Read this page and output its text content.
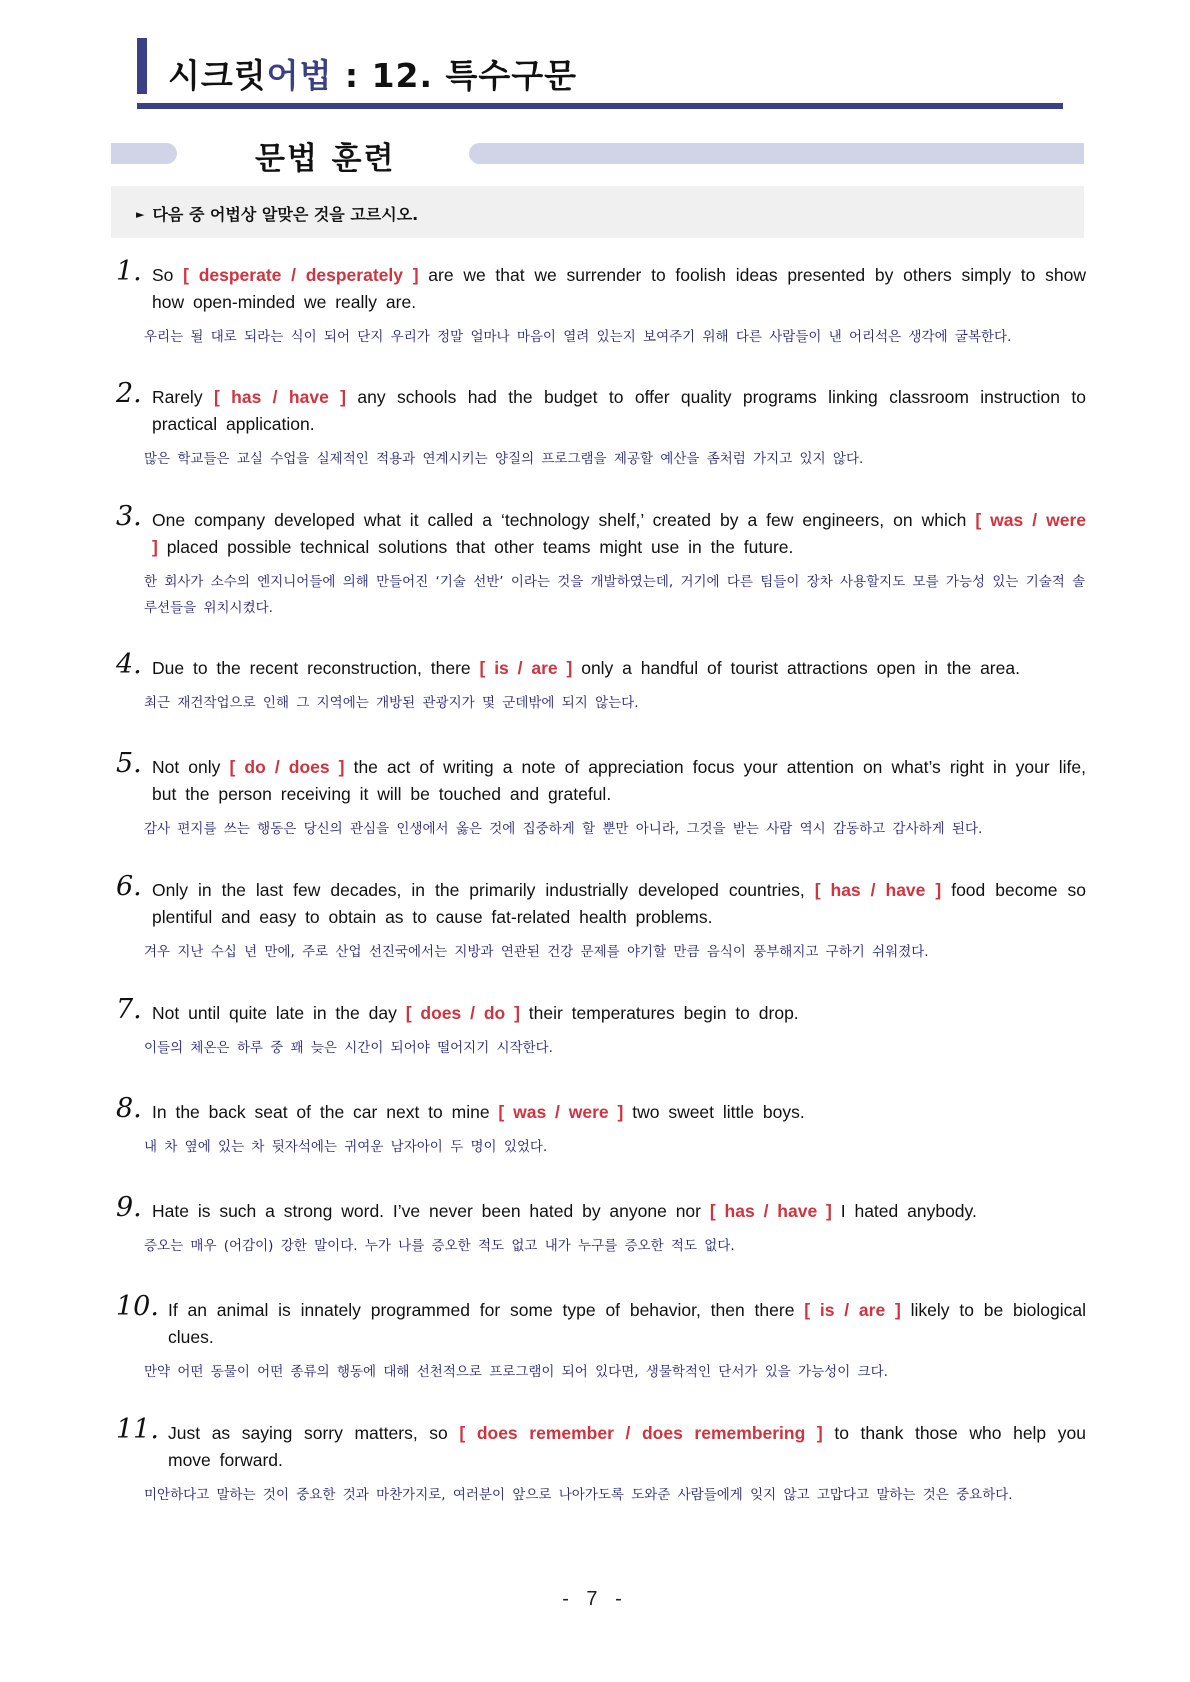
시크릿어법 : 12. 특수구문
문법 훈련
► 다음 중 어법상 알맞은 것을 고르시오.
1. So [ desperate / desperately ] are we that we surrender to foolish ideas presented by others simply to show how open-minded we really are.
우리는 될 대로 되라는 식이 되어 단지 우리가 정말 얼마나 마음이 열려 있는지 보여주기 위해 다른 사람들이 낸 어리석은 생각에 굴복한다.
2. Rarely [ has / have ] any schools had the budget to offer quality programs linking classroom instruction to practical application.
많은 학교들은 교실 수업을 실제적인 적용과 연계시키는 양질의 프로그램을 제공할 예산을 좀처럼 가지고 있지 않다.
3. One company developed what it called a ‘technology shelf,’ created by a few engineers, on which [ was / were ] placed possible technical solutions that other teams might use in the future.
한 회사가 소수의 엔지니어들에 의해 만들어진 ‘기술 선반’ 이라는 것을 개발하였는데, 거기에 다른 팀들이 장차 사용할지도 모를 가능성 있는 기술적 솔루션들을 위치시켰다.
4. Due to the recent reconstruction, there [ is / are ] only a handful of tourist attractions open in the area.
최근 재건작업으로 인해 그 지역에는 개방된 관광지가 몇 군데밖에 되지 않는다.
5. Not only [ do / does ] the act of writing a note of appreciation focus your attention on what’s right in your life, but the person receiving it will be touched and grateful.
감사 편지를 쓰는 행동은 당신의 관심을 인생에서 옳은 것에 집중하게 할 뿐만 아니라, 그것을 받는 사람 역시 감동하고 감사하게 된다.
6. Only in the last few decades, in the primarily industrially developed countries, [ has / have ] food become so plentiful and easy to obtain as to cause fat-related health problems.
겨우 지난 수십 년 만에, 주로 산업 선진국에서는 지방과 연관된 건강 문제를 야기할 만큼 음식이 풍부해지고 구하기 쉬워졌다.
7. Not until quite late in the day [ does / do ] their temperatures begin to drop.
이들의 체온은 하루 중 꽤 늦은 시간이 되어야 떨어지기 시작한다.
8. In the back seat of the car next to mine [ was / were ] two sweet little boys.
내 차 옆에 있는 차 뒷자석에는 귀여운 남자아이 두 명이 있었다.
9. Hate is such a strong word. I’ve never been hated by anyone nor [ has / have ] I hated anybody.
증오는 매우 (어감이) 강한 말이다. 누가 나를 증오한 적도 없고 내가 누구를 증오한 적도 없다.
10. If an animal is innately programmed for some type of behavior, then there [ is / are ] likely to be biological clues.
만약 어떤 동물이 어떤 종류의 행동에 대해 선천적으로 프로그램이 되어 있다면, 생물학적인 단서가 있을 가능성이 크다.
11. Just as saying sorry matters, so [ does remember / does remembering ] to thank those who help you move forward.
미안하다고 말하는 것이 중요한 것과 마찬가지로, 여러분이 앞으로 나아가도록 도와준 사람들에게 잊지 않고 고맙다고 말하는 것은 중요하다.
- 7 -
